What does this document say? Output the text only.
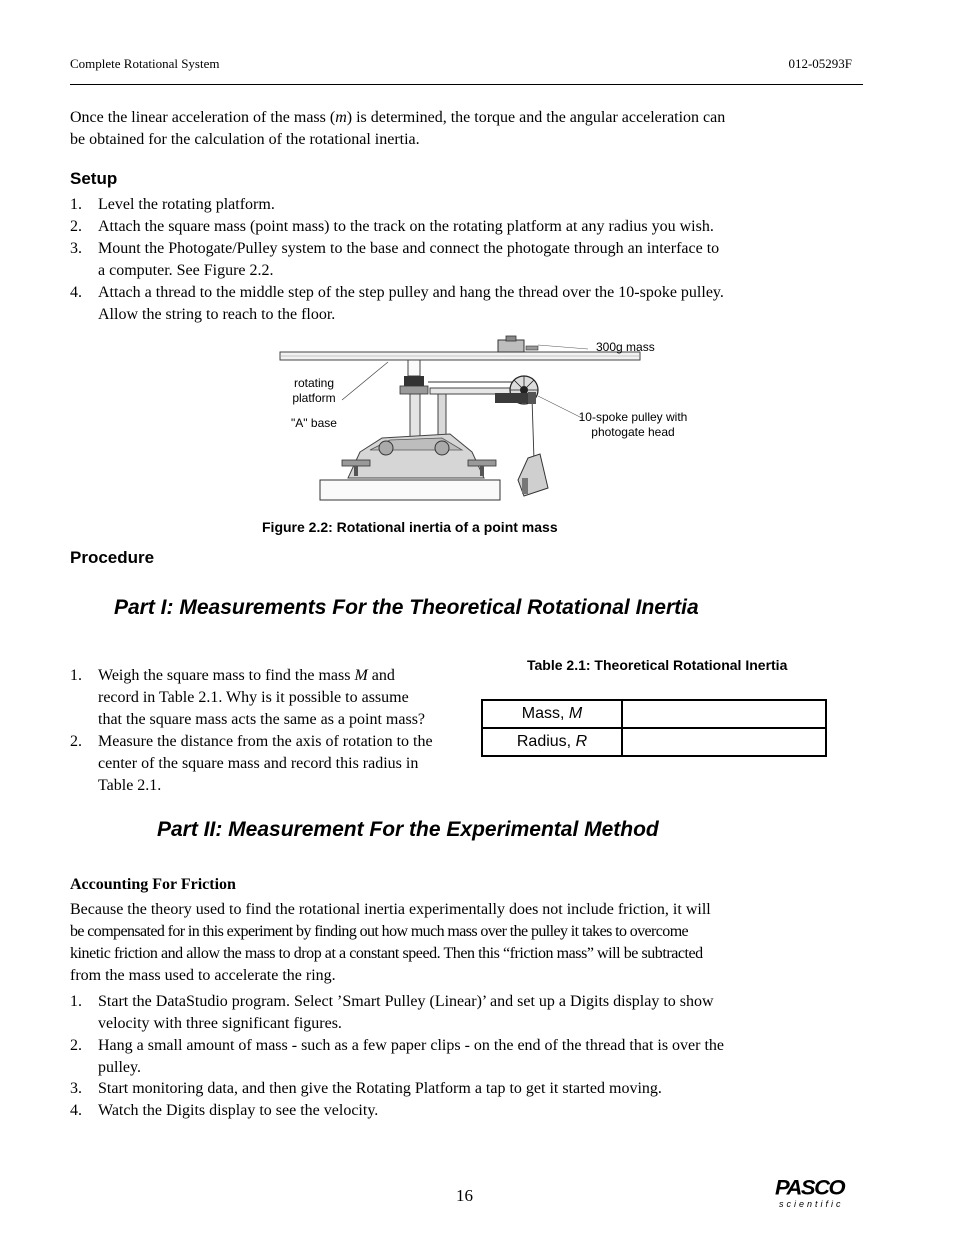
Complete Rotational System	012-05293F
Once the linear acceleration of the mass (m) is determined, the torque and the angular acceleration can
be obtained for the calculation of the rotational inertia.
Setup
1. Level the rotating platform.
2. Attach the square mass (point mass) to the track on the rotating platform at any radius you wish.
3. Mount the Photogate/Pulley system to the base and connect the photogate through an interface to
a computer. See Figure 2.2.
4. Attach a thread to the middle step of the step pulley and hang the thread over the 10-spoke pulley.
Allow the string to reach to the floor.
300g mass
rotating
platform
"A" base	10-spoke pulley with
photogate head
Figure 2.2: Rotational inertia of a point mass
Procedure
Part I: Measurements For the Theoretical Rotational Inertia
1. Weigh the square mass to find the mass M and
record in Table 2.1. Why is it possible to assume
that the square mass acts the same as a point mass?
2. Measure the distance from the axis of rotation to the
center of the square mass and record this radius in
Table 2.1.
Table 2.1: Theoretical Rotational Inertia
Mass, M	
Radius, R	
Part II: Measurement For the Experimental Method
Accounting For Friction
Because the theory used to find the rotational inertia experimentally does not include friction, it will
be compensated for in this experiment by finding out how much mass over the pulley it takes to overcome
kinetic friction and allow the mass to drop at a constant speed. Then this “friction mass” will be subtracted
from the mass used to accelerate the ring.
1. Start the DataStudio program. Select ’Smart Pulley (Linear)’ and set up a Digits display to show
velocity with three significant figures.
2. Hang a small amount of mass - such as a few paper clips - on the end of the thread that is over the
pulley.
3. Start monitoring data, and then give the Rotating Platform a tap to get it started moving.
4. Watch the Digits display to see the velocity.
16	PASCO
scientific
